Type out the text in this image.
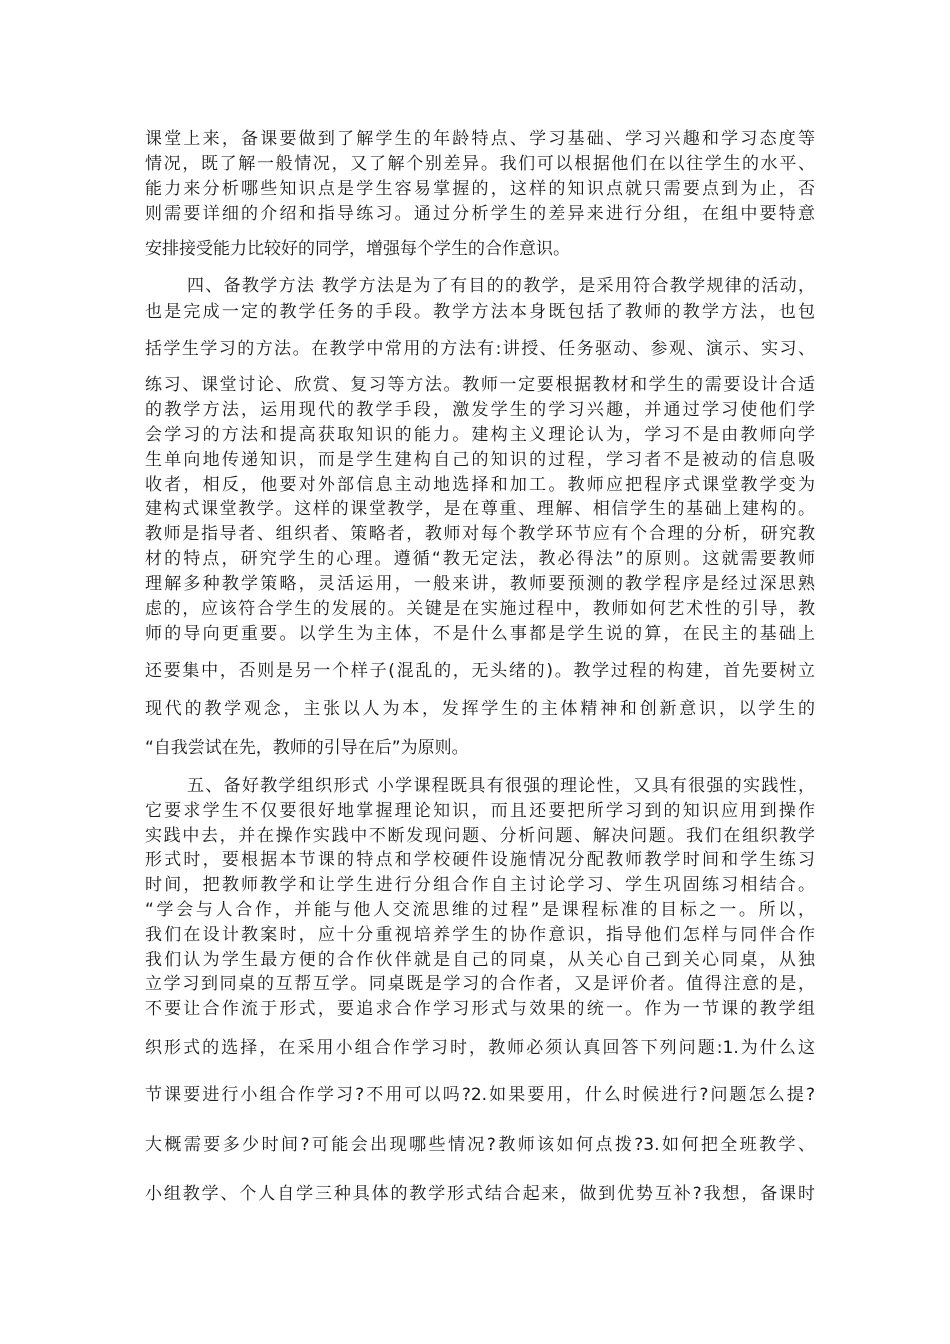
课堂上来，备课要做到了解学生的年龄特点、学习基础、学习兴趣和学习态度等
情况，既了解一般情况，又了解个别差异。我们可以根据他们在以往学生的水平、
能力来分析哪些知识点是学生容易掌握的，这样的知识点就只需要点到为止，否
则需要详细的介绍和指导练习。通过分析学生的差异来进行分组，在组中要特意
安排接受能力比较好的同学，增强每个学生的合作意识。
四、备教学方法 教学方法是为了有目的的教学，是采用符合教学规律的活动，
也是完成一定的教学任务的手段。教学方法本身既包括了教师的教学方法，也包
括学生学习的方法。在教学中常用的方法有:讲授、任务驱动、参观、演示、实习、
练习、课堂讨论、欣赏、复习等方法。教师一定要根据教材和学生的需要设计合适
的教学方法，运用现代的教学手段，激发学生的学习兴趣，并通过学习使他们学
会学习的方法和提高获取知识的能力。建构主义理论认为，学习不是由教师向学
生单向地传递知识，而是学生建构自己的知识的过程，学习者不是被动的信息吸
收者，相反，他要对外部信息主动地选择和加工。教师应把程序式课堂教学变为
建构式课堂教学。这样的课堂教学，是在尊重、理解、相信学生的基础上建构的。
教师是指导者、组织者、策略者，教师对每个教学环节应有个合理的分析，研究教
材的特点，研究学生的心理。遵循“教无定法，教必得法”的原则。这就需要教师
理解多种教学策略，灵活运用，一般来讲，教师要预测的教学程序是经过深思熟
虑的，应该符合学生的发展的。关键是在实施过程中，教师如何艺术性的引导，教
师的导向更重要。以学生为主体，不是什么事都是学生说的算，在民主的基础上
还要集中，否则是另一个样子(混乱的，无头绪的)。教学过程的构建，首先要树立
现代的教学观念，主张以人为本，发挥学生的主体精神和创新意识，以学生的
“自我尝试在先，教师的引导在后”为原则。
五、备好教学组织形式 小学课程既具有很强的理论性，又具有很强的实践性，
它要求学生不仅要很好地掌握理论知识，而且还要把所学习到的知识应用到操作
实践中去，并在操作实践中不断发现问题、分析问题、解决问题。我们在组织教学
形式时，要根据本节课的特点和学校硬件设施情况分配教师教学时间和学生练习
时间，把教师教学和让学生进行分组合作自主讨论学习、学生巩固练习相结合。
“学会与人合作，并能与他人交流思维的过程”是课程标准的目标之一。所以，
我们在设计教案时，应十分重视培养学生的协作意识，指导他们怎样与同伴合作
我们认为学生最方便的合作伙伴就是自己的同桌，从关心自己到关心同桌，从独
立学习到同桌的互帮互学。同桌既是学习的合作者，又是评价者。值得注意的是，
不要让合作流于形式，要追求合作学习形式与效果的统一。作为一节课的教学组
织形式的选择，在采用小组合作学习时，教师必须认真回答下列问题:1.为什么这
节课要进行小组合作学习?不用可以吗?2.如果要用，什么时候进行?问题怎么提?
大概需要多少时间?可能会出现哪些情况?教师该如何点拨?3.如何把全班教学、
小组教学、个人自学三种具体的教学形式结合起来，做到优势互补?我想，备课时
